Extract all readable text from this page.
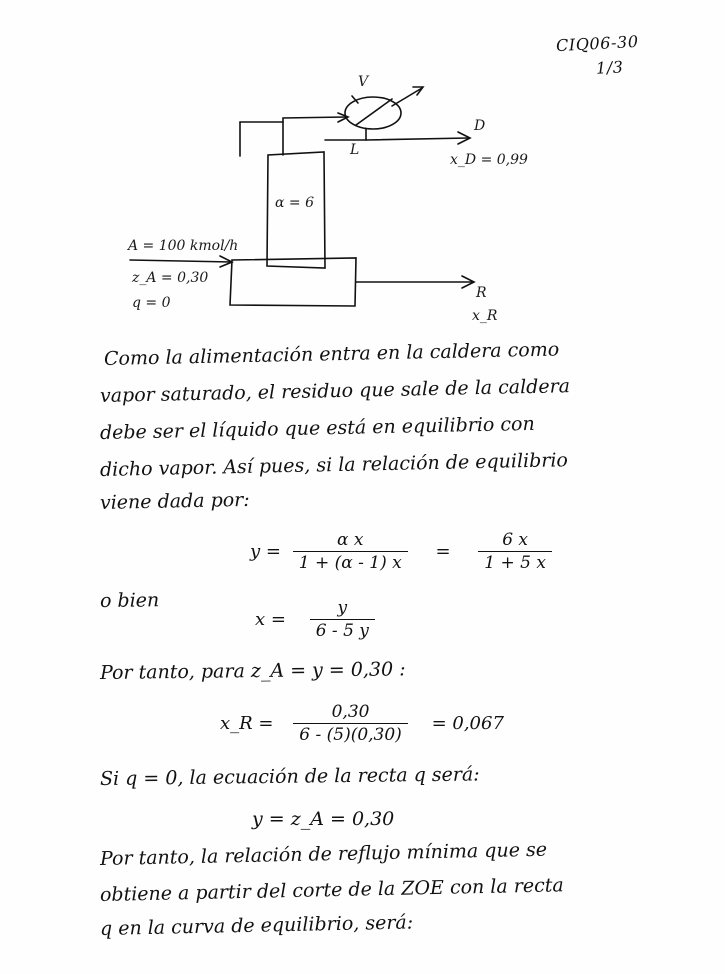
CIQ06-30
1/3
V
L
D
x_D = 0,99
α = 6
A = 100 kmol/h
z_A = 0,30
q = 0
R
x_R
Como la alimentación entra en la caldera como
vapor saturado, el residuo que sale de la caldera
debe ser el líquido que está en equilibrio con
dicho vapor. Así pues, si la relación de equilibrio
viene dada por:
$y = \frac{\text{α x}}{1 + (\alpha - 1) x} = \frac{6 x}{1 + 5 x}$
o bien
$x = \frac{y}{6 - 5 y}$
Por tanto, para z_A = y = 0,30 :
x_R = $\frac{0,30}{6 - (5)(0,30)} = 0,067$
Si q = 0, la ecuación de la recta q será:
y = z_A = 0,30
Por tanto, la relación de reflujo mínima que se
obtiene a partir del corte de la ZOE con la recta
q en la curva de equilibrio, será:
